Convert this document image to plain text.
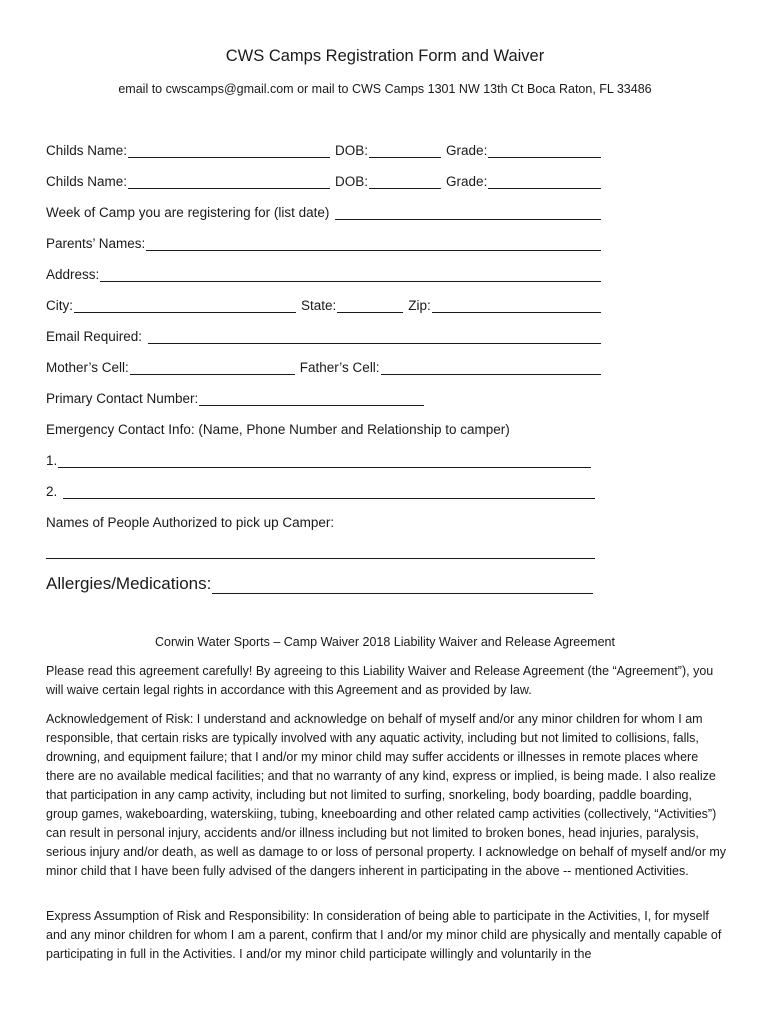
CWS Camps Registration Form and Waiver
email to cwscamps@gmail.com or mail to CWS Camps 1301 NW 13th Ct Boca Raton, FL 33486
Childs Name:	DOB:	Grade:
Childs Name:	DOB:	Grade:
Week of Camp you are registering for (list date)
Parents’ Names:
Address:
City:	State:	Zip:
Email Required:
Mother’s Cell:	Father’s Cell:
Primary Contact Number:
Emergency Contact Info: (Name, Phone Number and Relationship to camper)
1.
2.
Names of People Authorized to pick up Camper:
Allergies/Medications:
Corwin Water Sports – Camp Waiver 2018 Liability Waiver and Release Agreement

Please read this agreement carefully! By agreeing to this Liability Waiver and Release Agreement (the “Agreement”), you will waive certain legal rights in accordance with this Agreement and as provided by law.

Acknowledgement of Risk: I understand and acknowledge on behalf of myself and/or any minor children for whom I am responsible, that certain risks are typically involved with any aquatic activity, including but not limited to collisions, falls, drowning, and equipment failure; that I and/or my minor child may suffer accidents or illnesses in remote places where there are no available medical facilities; and that no warranty of any kind, express or implied, is being made. I also realize that participation in any camp activity, including but not limited to surfing, snorkeling, body boarding, paddle boarding, group games, wakeboarding, waterskiing, tubing, kneeboarding and other related camp activities (collectively, “Activities”) can result in personal injury, accidents and/or illness including but not limited to broken bones, head injuries, paralysis, serious injury and/or death, as well as damage to or loss of personal property. I acknowledge on behalf of myself and/or my minor child that I have been fully advised of the dangers inherent in participating in the above -- mentioned Activities.

Express Assumption of Risk and Responsibility: In consideration of being able to participate in the Activities, I, for myself and any minor children for whom I am a parent, confirm that I and/or my minor child are physically and mentally capable of participating in full in the Activities. I and/or my minor child participate willingly and voluntarily in the
